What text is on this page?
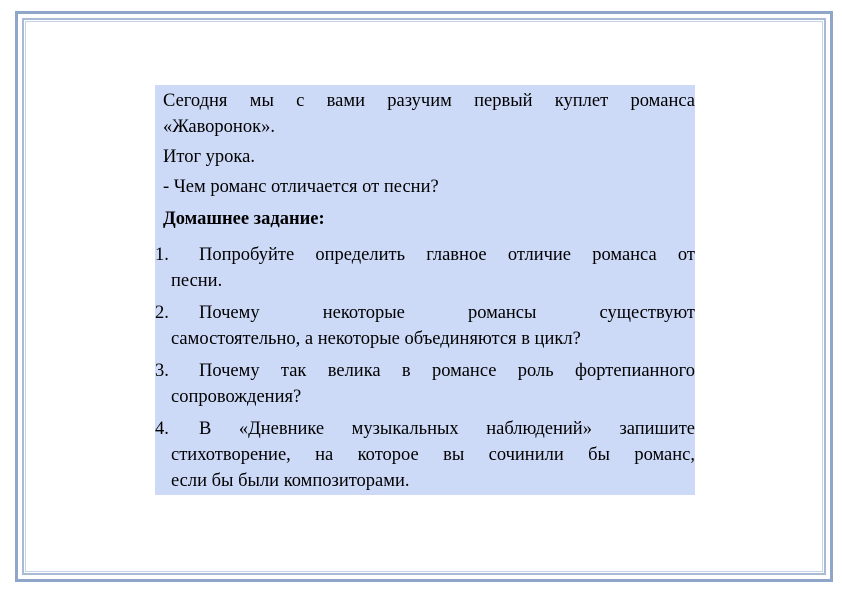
Сегодня мы с вами разучим первый куплет романса
«Жаворонок».
Итог урока.
- Чем романс отличается от песни?
Домашнее задание:
1.	Попробуйте определить главное отличие романса от
песни.
2.	Почему некоторые романсы существуют
самостоятельно, а некоторые объединяются в цикл?
3.	Почему так велика в романсе роль фортепианного
сопровождения?
4.	В «Дневнике музыкальных наблюдений» запишите
стихотворение, на которое вы сочинили бы романс,
если бы были композиторами.
